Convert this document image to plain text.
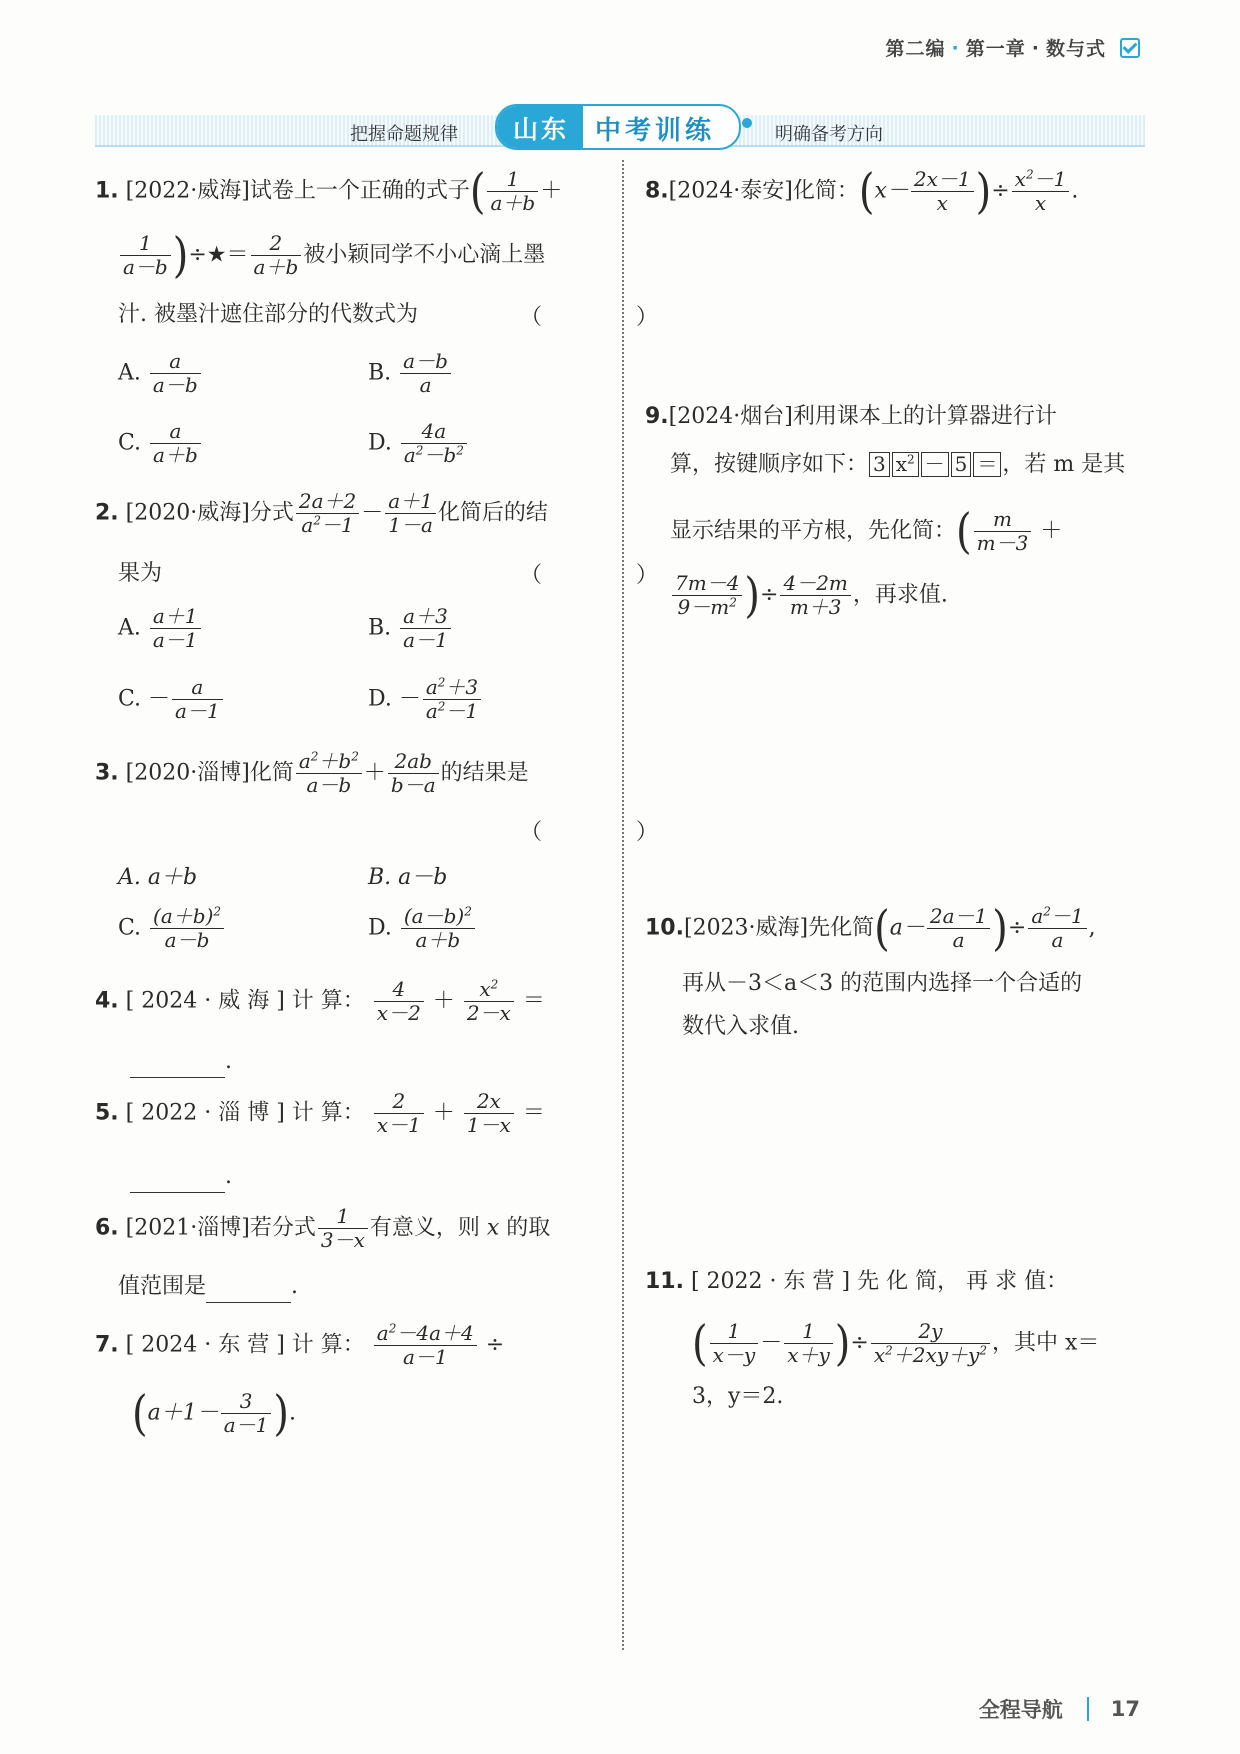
第二编 · 第一章 · 数与式
把握命题规律	山东	中考训练	明确备考方向
1. [2022·威海]试卷上一个正确的式子( $\frac{1}{a+b}$ ＋
$\frac{1}{a-b}$ )÷★＝ $\frac{2}{a+b}$ 被小颖同学不小心滴上墨
汁. 被墨汁遮住部分的代数式为	（　）
A. $\frac{a}{a-b}$	B. $\frac{a-b}{a}$
C. $\frac{a}{a+b}$	D. $\frac{4a}{a^2-b^2}$
2. [2020·威海]分式 $\frac{2a+2}{a^2-1} - \frac{a+1}{1-a}$ 化简后的结
果为	（　）
A. $\frac{a+1}{a-1}$	B. $\frac{a+3}{a-1}$
C. － $\frac{a}{a-1}$	D. － $\frac{a^2+3}{a^2-1}$
3. [2020·淄博]化简 $\frac{a^2+b^2}{a-b} + \frac{2ab}{b-a}$ 的结果是
（　）
A. a＋b	B. a－b
C. $\frac{(a+b)^2}{a-b}$	D. $\frac{(a-b)^2}{a+b}$
4. [ 2024 · 威 海 ] 计 算： $\frac{4}{x-2} + \frac{x^2}{2-x}$ ＝
.
5. [ 2022 · 淄 博 ] 计 算： $\frac{2}{x-1} + \frac{2x}{1-x}$ ＝
.
6. [2021·淄博]若分式 $\frac{1}{3-x}$ 有意义，则 x 的取
值范围是	.
7. [ 2024 · 东 营 ] 计 算： $\frac{a^2-4a+4}{a-1}$ ÷
($a+1- \frac{3}{a-1}$ ).
8.[2024·泰安]化简：($x- \frac{2x-1}{x}$ )÷ $\frac{x^2-1}{x}$ .
9.[2024·烟台]利用课本上的计算器进行计
算，按键顺序如下： 3 $x^2 - 5$ ＝ ，若 m 是其
显示结果的平方根，先化简：( $\frac{m}{m-3}$ ＋
$\frac{7m-4}{9-m^2}$ )÷ $\frac{4-2m}{m+3}$ ，再求值.
10.[2023·威海]先化简($a- \frac{2a-1}{a}$ )÷ $\frac{a^2-1}{a}$ ,
再从－3＜a＜3 的范围内选择一个合适的
数代入求值.
11. [ 2022 · 东 营 ] 先 化 简， 再 求 值：
( $\frac{1}{x-y} - \frac{1}{x+y}$ )÷ $\frac{2y}{x^2+2xy+y^2}$ ，其中 x＝
3，y＝2.
全程导航 17
